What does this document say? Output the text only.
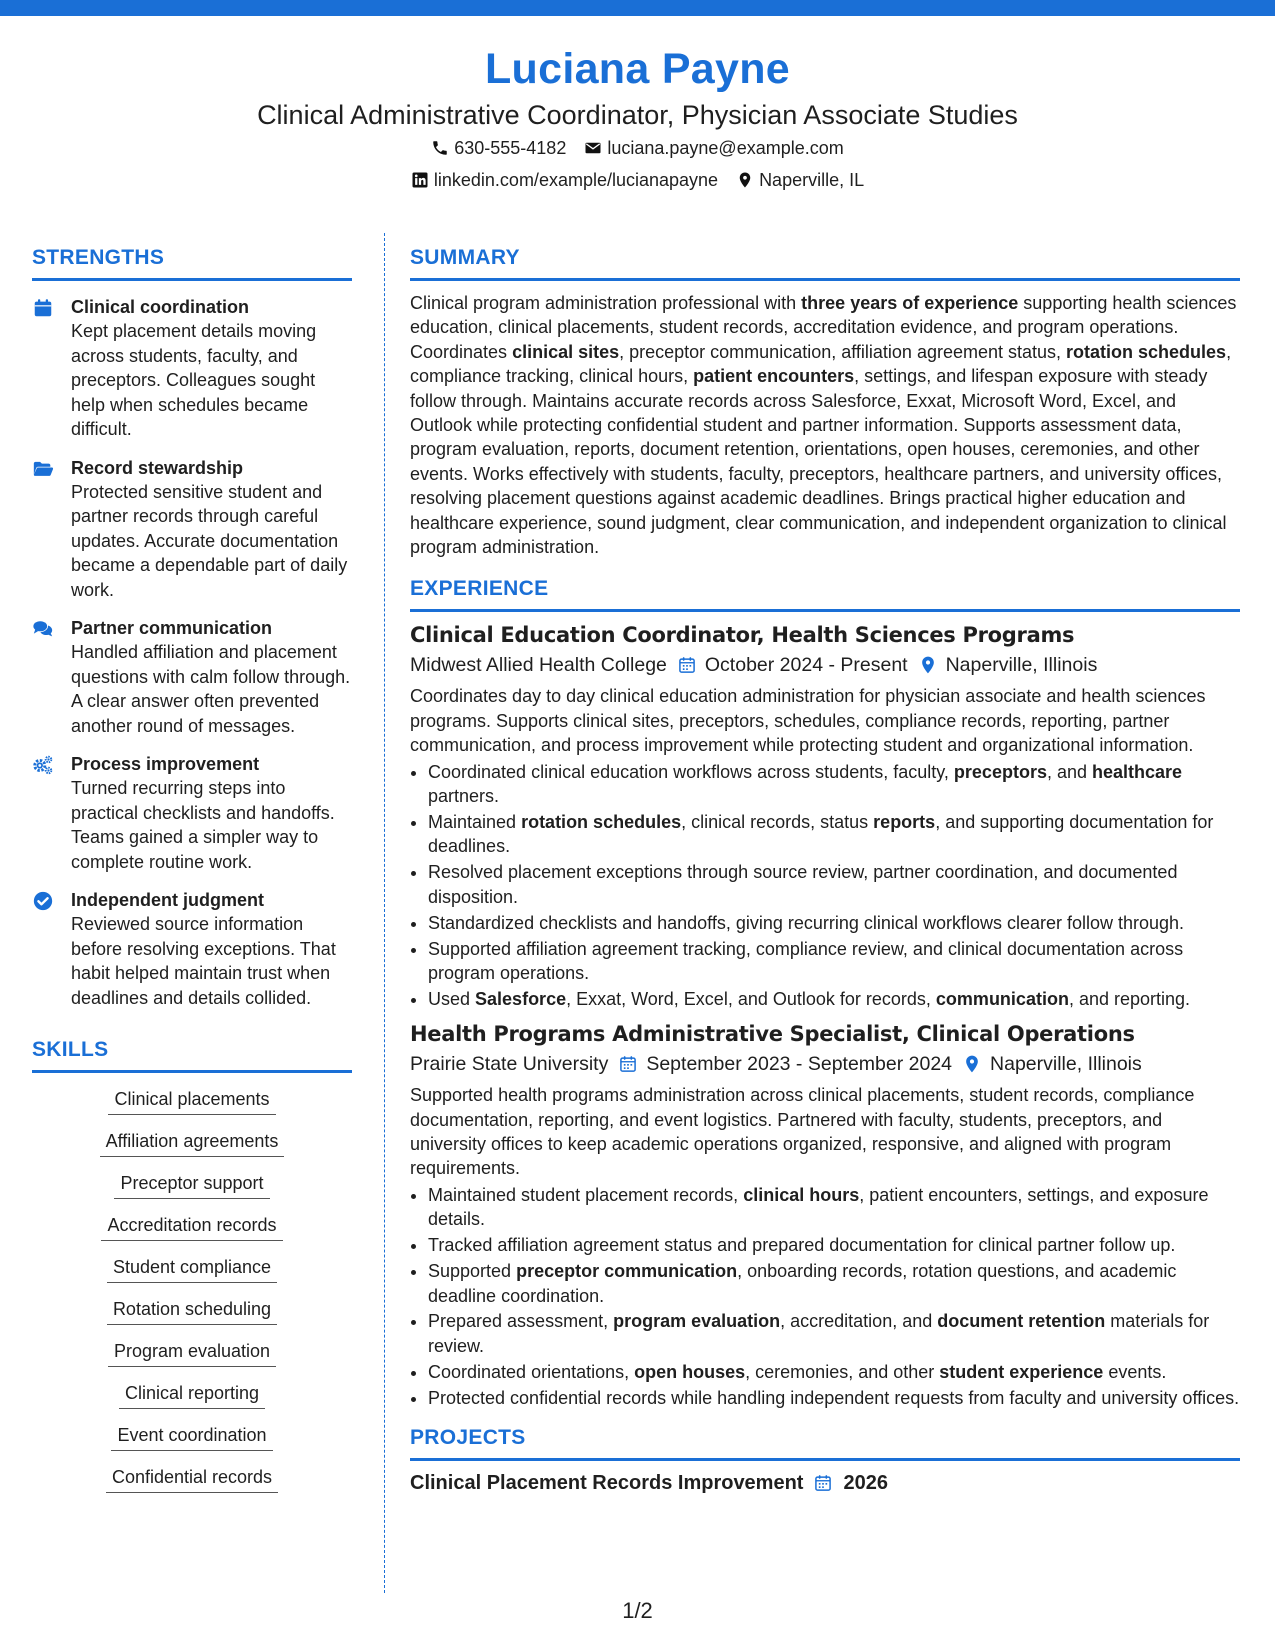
Luciana Payne
Clinical Administrative Coordinator, Physician Associate Studies
630-555-4182 luciana.payne@example.com
linkedin.com/example/lucianapayne Naperville, IL
STRENGTHS
Clinical coordination
Kept placement details moving across students, faculty, and preceptors. Colleagues sought help when schedules became difficult.
Record stewardship
Protected sensitive student and partner records through careful updates. Accurate documentation became a dependable part of daily work.
Partner communication
Handled affiliation and placement questions with calm follow through. A clear answer often prevented another round of messages.
Process improvement
Turned recurring steps into practical checklists and handoffs. Teams gained a simpler way to complete routine work.
Independent judgment
Reviewed source information before resolving exceptions. That habit helped maintain trust when deadlines and details collided.
SKILLS
Clinical placements
Affiliation agreements
Preceptor support
Accreditation records
Student compliance
Rotation scheduling
Program evaluation
Clinical reporting
Event coordination
Confidential records
SUMMARY
Clinical program administration professional with three years of experience supporting health sciences education, clinical placements, student records, accreditation evidence, and program operations. Coordinates clinical sites, preceptor communication, affiliation agreement status, rotation schedules, compliance tracking, clinical hours, patient encounters, settings, and lifespan exposure with steady follow through. Maintains accurate records across Salesforce, Exxat, Microsoft Word, Excel, and Outlook while protecting confidential student and partner information. Supports assessment data, program evaluation, reports, document retention, orientations, open houses, ceremonies, and other events. Works effectively with students, faculty, preceptors, healthcare partners, and university offices, resolving placement questions against academic deadlines. Brings practical higher education and healthcare experience, sound judgment, clear communication, and independent organization to clinical program administration.
EXPERIENCE
Clinical Education Coordinator, Health Sciences Programs
Midwest Allied Health College October 2024 - Present Naperville, Illinois
Coordinates day to day clinical education administration for physician associate and health sciences programs. Supports clinical sites, preceptors, schedules, compliance records, reporting, partner communication, and process improvement while protecting student and organizational information.
• Coordinated clinical education workflows across students, faculty, preceptors, and healthcare partners.
• Maintained rotation schedules, clinical records, status reports, and supporting documentation for deadlines.
• Resolved placement exceptions through source review, partner coordination, and documented disposition.
• Standardized checklists and handoffs, giving recurring clinical workflows clearer follow through.
• Supported affiliation agreement tracking, compliance review, and clinical documentation across program operations.
• Used Salesforce, Exxat, Word, Excel, and Outlook for records, communication, and reporting.
Health Programs Administrative Specialist, Clinical Operations
Prairie State University September 2023 - September 2024 Naperville, Illinois
Supported health programs administration across clinical placements, student records, compliance documentation, reporting, and event logistics. Partnered with faculty, students, preceptors, and university offices to keep academic operations organized, responsive, and aligned with program requirements.
• Maintained student placement records, clinical hours, patient encounters, settings, and exposure details.
• Tracked affiliation agreement status and prepared documentation for clinical partner follow up.
• Supported preceptor communication, onboarding records, rotation questions, and academic deadline coordination.
• Prepared assessment, program evaluation, accreditation, and document retention materials for review.
• Coordinated orientations, open houses, ceremonies, and other student experience events.
• Protected confidential records while handling independent requests from faculty and university offices.
PROJECTS
Clinical Placement Records Improvement 2026
1/2
